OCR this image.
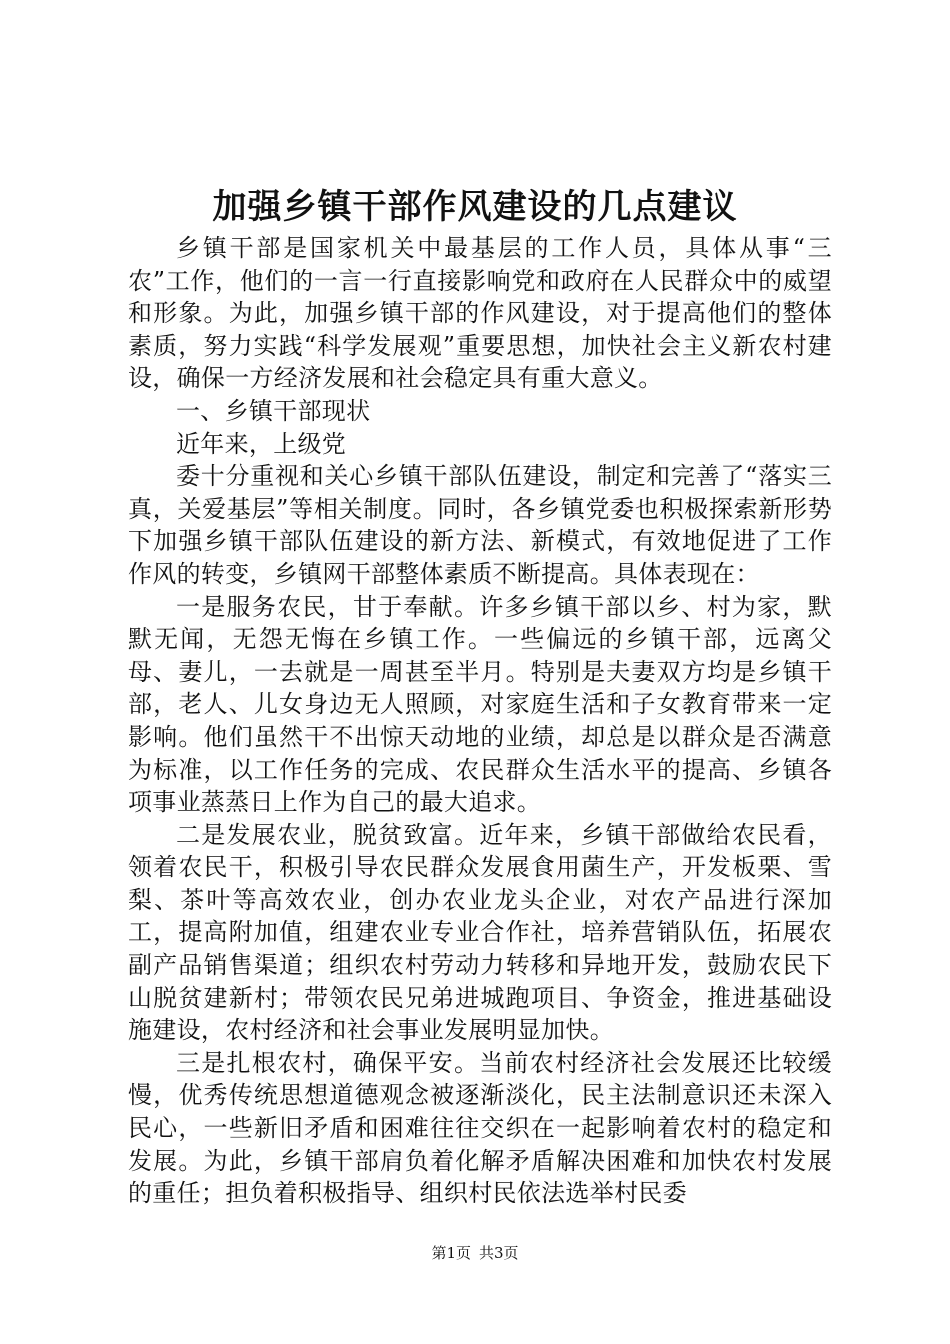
加强乡镇干部作风建设的几点建议

乡镇干部是国家机关中最基层的工作人员，具体从事“三农”工作，他们的一言一行直接影响党和政府在人民群众中的威望和形象。为此，加强乡镇干部的作风建设，对于提高他们的整体素质，努力实践“科学发展观”重要思想，加快社会主义新农村建设，确保一方经济发展和社会稳定具有重大意义。

一、乡镇干部现状

近年来，上级党

委十分重视和关心乡镇干部队伍建设，制定和完善了“落实三真，关爱基层”等相关制度。同时，各乡镇党委也积极探索新形势下加强乡镇干部队伍建设的新方法、新模式，有效地促进了工作作风的转变，乡镇网干部整体素质不断提高。具体表现在：

一是服务农民，甘于奉献。许多乡镇干部以乡、村为家，默默无闻，无怨无悔在乡镇工作。一些偏远的乡镇干部，远离父母、妻儿，一去就是一周甚至半月。特别是夫妻双方均是乡镇干部，老人、儿女身边无人照顾，对家庭生活和子女教育带来一定影响。他们虽然干不出惊天动地的业绩，却总是以群众是否满意为标准，以工作任务的完成、农民群众生活水平的提高、乡镇各项事业蒸蒸日上作为自己的最大追求。

二是发展农业，脱贫致富。近年来，乡镇干部做给农民看，领着农民干，积极引导农民群众发展食用菌生产，开发板栗、雪梨、茶叶等高效农业，创办农业龙头企业，对农产品进行深加工，提高附加值，组建农业专业合作社，培养营销队伍，拓展农副产品销售渠道；组织农村劳动力转移和异地开发，鼓励农民下山脱贫建新村；带领农民兄弟进城跑项目、争资金，推进基础设施建设，农村经济和社会事业发展明显加快。

三是扎根农村，确保平安。当前农村经济社会发展还比较缓慢，优秀传统思想道德观念被逐渐淡化，民主法制意识还未深入民心，一些新旧矛盾和困难往往交织在一起影响着农村的稳定和发展。为此，乡镇干部肩负着化解矛盾解决困难和加快农村发展的重任；担负着积极指导、组织村民依法选举村民委

第1页 共3页
